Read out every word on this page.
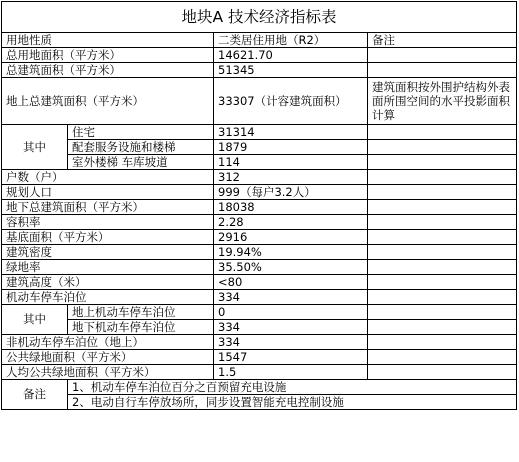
地块A 技术经济指标表			
用地性质		二类居住用地（R2）	备注
总用地面积（平方米）		14621.70	
总建筑面积（平方米）		51345	
地上总建筑面积（平方米）		33307（计容建筑面积）	建筑面积按外围护结构外表面所围空间的水平投影面积计算
其中	住宅	31314	
	配套服务设施和楼梯	1879	
	室外楼梯 车库坡道	114	
户数（户）		312	
规划人口		999（每户3.2人）	
地下总建筑面积（平方米）		18038	
容积率		2.28	
基底面积（平方米）		2916	
建筑密度		19.94%	
绿地率		35.50%	
建筑高度（米）		<80	
机动车停车泊位		334	
其中	地上机动车停车泊位	0	
	地下机动车停车泊位	334	
非机动车停车泊位（地上）		334	
公共绿地面积（平方米）		1547	
人均公共绿地面积（平方米）		1.5	
备注	1、机动车停车泊位百分之百预留充电设施		
	2、电动自行车停放场所，同步设置智能充电控制设施		
